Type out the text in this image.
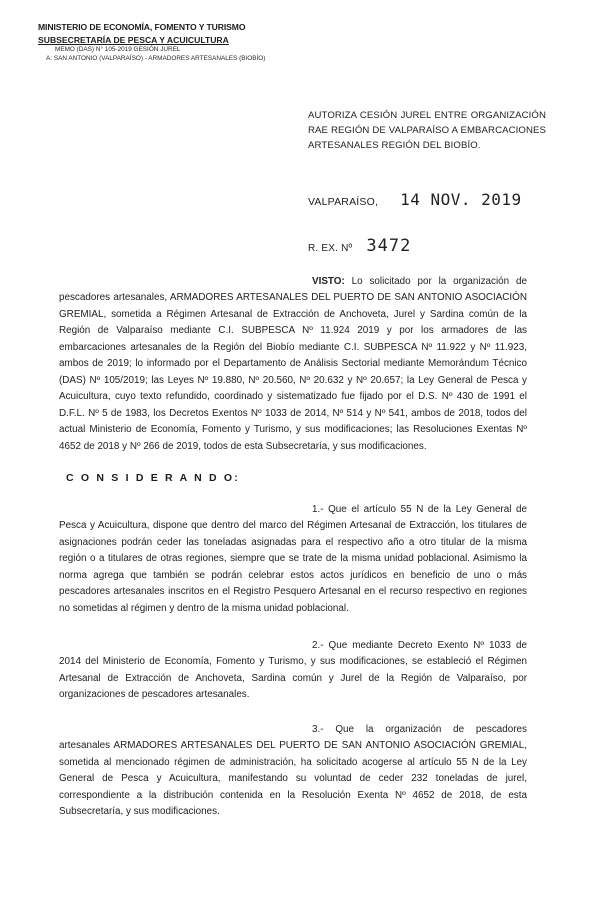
MINISTERIO DE ECONOMÍA, FOMENTO Y TURISMO
SUBSECRETARÍA DE PESCA Y ACUICULTURA
MEMO (DAS) N° 105-2019 GESIÓN JUREL
A: SAN ANTONIO (VALPARAÍSO) - ARMADORES ARTESANALES (BIOBÍO)
AUTORIZA CESIÓN JUREL ENTRE ORGANIZACIÓN RAE REGIÓN DE VALPARAÍSO A EMBARCACIONES ARTESANALES REGIÓN DEL BIOBÍO.
VALPARAÍSO, 14 NOV. 2019
R. EX. Nº 3472
VISTO: Lo solicitado por la organización de pescadores artesanales, ARMADORES ARTESANALES DEL PUERTO DE SAN ANTONIO ASOCIACIÓN GREMIAL, sometida a Régimen Artesanal de Extracción de Anchoveta, Jurel y Sardina común de la Región de Valparaíso mediante C.I. SUBPESCA Nº 11.924 2019 y por los armadores de las embarcaciones artesanales de la Región del Biobío mediante C.I. SUBPESCA Nº 11.922 y Nº 11.923, ambos de 2019; lo informado por el Departamento de Análisis Sectorial mediante Memorándum Técnico (DAS) Nº 105/2019; las Leyes Nº 19.880, Nº 20.560, Nº 20.632 y Nº 20.657; la Ley General de Pesca y Acuicultura, cuyo texto refundido, coordinado y sistematizado fue fijado por el D.S. Nº 430 de 1991 el D.F.L. Nº 5 de 1983, los Decretos Exentos Nº 1033 de 2014, Nº 514 y Nº 541, ambos de 2018, todos del actual Ministerio de Economía, Fomento y Turismo, y sus modificaciones; las Resoluciones Exentas Nº 4652 de 2018 y Nº 266 de 2019, todos de esta Subsecretaría, y sus modificaciones.
C O N S I D E R A N D O:
1.- Que el artículo 55 N de la Ley General de Pesca y Acuicultura, dispone que dentro del marco del Régimen Artesanal de Extracción, los titulares de asignaciones podrán ceder las toneladas asignadas para el respectivo año a otro titular de la misma región o a titulares de otras regiones, siempre que se trate de la misma unidad poblacional. Asimismo la norma agrega que también se podrán celebrar estos actos jurídicos en beneficio de uno o más pescadores artesanales inscritos en el Registro Pesquero Artesanal en el recurso respectivo en regiones no sometidas al régimen y dentro de la misma unidad poblacional.
2.- Que mediante Decreto Exento Nº 1033 de 2014 del Ministerio de Economía, Fomento y Turismo, y sus modificaciones, se estableció el Régimen Artesanal de Extracción de Anchoveta, Sardina común y Jurel de la Región de Valparaíso, por organizaciones de pescadores artesanales.
3.- Que la organización de pescadores artesanales ARMADORES ARTESANALES DEL PUERTO DE SAN ANTONIO ASOCIACIÓN GREMIAL, sometida al mencionado régimen de administración, ha solicitado acogerse al artículo 55 N de la Ley General de Pesca y Acuicultura, manifestando su voluntad de ceder 232 toneladas de jurel, correspondiente a la distribución contenida en la Resolución Exenta Nº 4652 de 2018, de esta Subsecretaría, y sus modificaciones.
